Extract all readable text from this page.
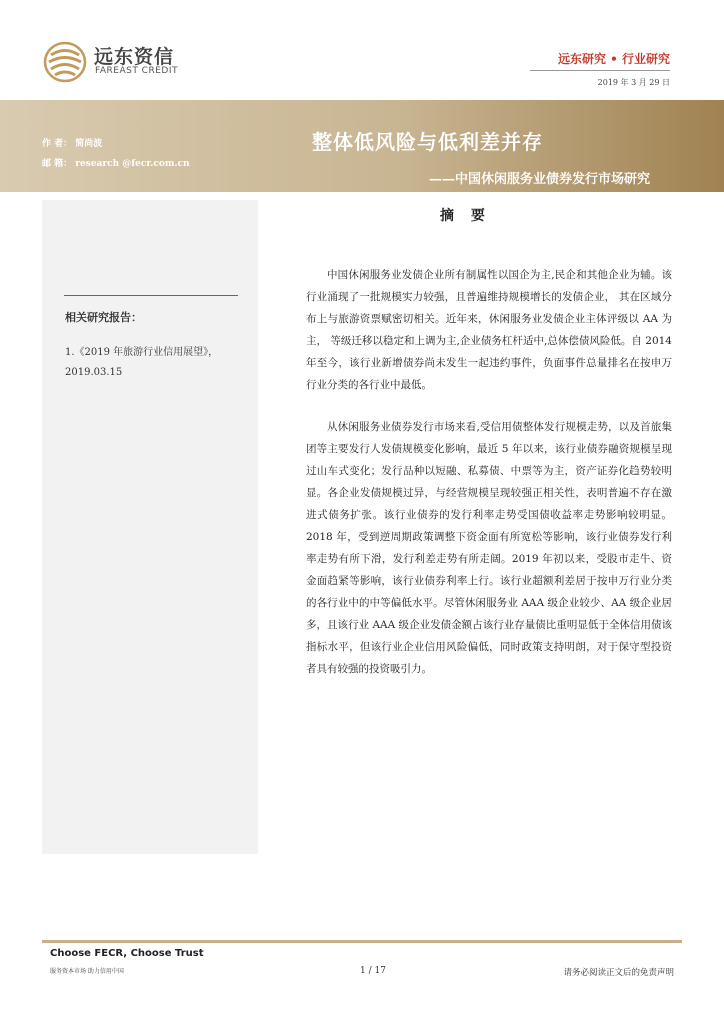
远东资信
FAREAST CREDIT
远东研究 • 行业研究
2019 年 3 月 29 日
作 者： 简尚波
邮 箱： research @fecr.com.cn
整体低风险与低利差并存
——中国休闲服务业债券发行市场研究
相关研究报告：
1.《2019 年旅游行业信用展望》，2019.03.15
摘 要

中国休闲服务业发债企业所有制属性以国企为主,民企和其他企业为辅。该行业涌现了一批规模实力较强，且普遍维持规模增长的发债企业， 其在区域分布上与旅游资票赋密切相关。近年来，休闲服务业发债企业主体评级以 AA 为主， 等级迁移以稳定和上调为主,企业债务杠杆适中,总体偿债风险低。自 2014 年至今，该行业新增债券尚未发生一起违约事件，负面事件总量排名在按申万行业分类的各行业中最低。

从休闲服务业债券发行市场来看,受信用债整体发行规模走势，以及首旅集团等主要发行人发债规模变化影响，最近 5 年以来，该行业债券融资规模呈现过山车式变化；发行品种以短融、私募债、中票等为主，资产证券化趋势较明显。各企业发债规模过异，与经营规模呈现较强正相关性，表明普遍不存在激进式债务扩张。该行业债券的发行利率走势受国债收益率走势影响较明显。2018 年，受到逆周期政策调整下资金面有所宽松等影响，该行业债券发行利率走势有所下滑，发行利差走势有所走阔。2019 年初以来，受股市走牛、资金面趋紧等影响，该行业债券利率上行。该行业超额利差居于按申万行业分类的各行业中的中等偏低水平。尽管休闲服务业 AAA 级企业较少、AA 级企业居多，且该行业 AAA 级企业发债金额占该行业存量债比重明显低于全体信用债该指标水平，但该行业企业信用风险偏低，同时政策支持明朗，对于保守型投资者具有较强的投资吸引力。

Choose FECR, Choose Trust
服务资本市场 助力信用中国	1 / 17	请务必阅读正文后的免责声明
